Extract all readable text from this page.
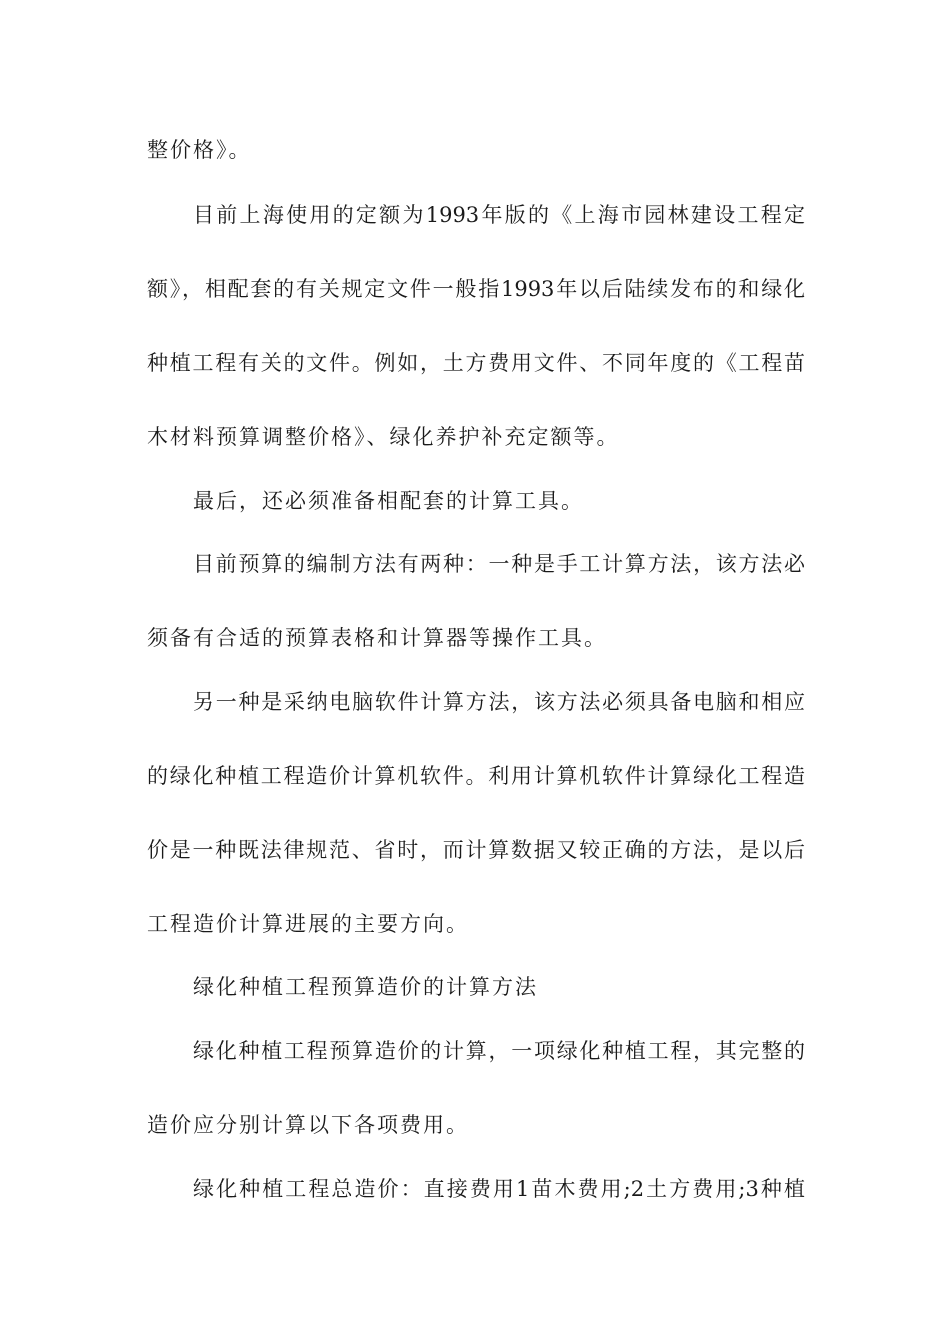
整价格》。
目前上海使用的定额为1993年版的《上海市园林建设工程定
额》，相配套的有关规定文件一般指1993年以后陆续发布的和绿化
种植工程有关的文件。例如，土方费用文件、不同年度的《工程苗
木材料预算调整价格》、绿化养护补充定额等。
最后，还必须准备相配套的计算工具。
目前预算的编制方法有两种：一种是手工计算方法，该方法必
须备有合适的预算表格和计算器等操作工具。
另一种是采纳电脑软件计算方法，该方法必须具备电脑和相应
的绿化种植工程造价计算机软件。利用计算机软件计算绿化工程造
价是一种既法律规范、省时，而计算数据又较正确的方法，是以后
工程造价计算进展的主要方向。
绿化种植工程预算造价的计算方法
绿化种植工程预算造价的计算，一项绿化种植工程，其完整的
造价应分别计算以下各项费用。
绿化种植工程总造价：直接费用1苗木费用;2土方费用;3种植
